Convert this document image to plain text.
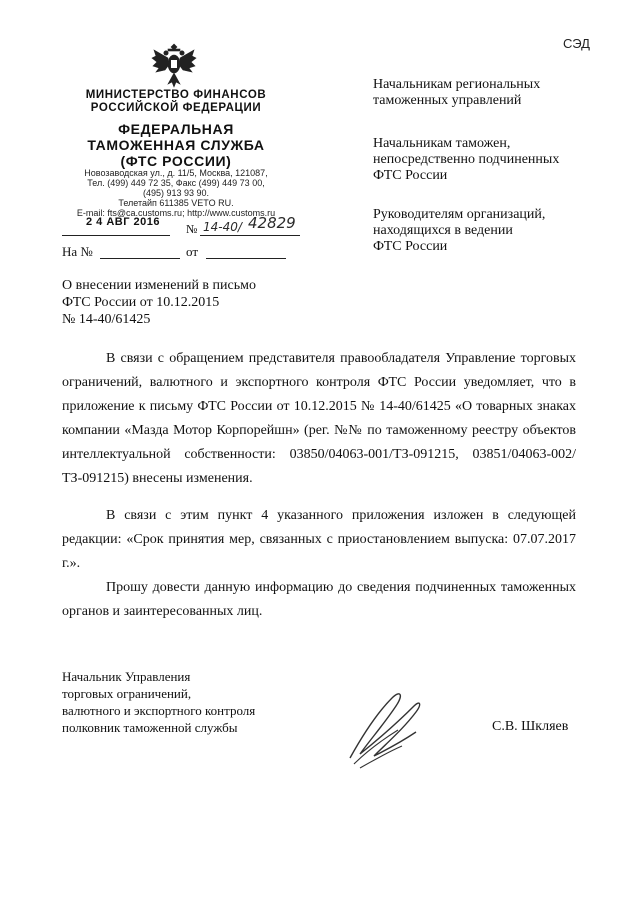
СЭД
МИНИСТЕРСТВО ФИНАНСОВ
РОССИЙСКОЙ ФЕДЕРАЦИИ
ФЕДЕРАЛЬНАЯ
ТАМОЖЕННАЯ СЛУЖБА
(ФТС РОССИИ)
Новозаводская ул., д. 11/5, Москва, 121087,
Тел. (499) 449 72 35, Факс (499) 449 73 00,
(495) 913 93 90.
Телетайп 611385 VETO RU.
E-mail: fts@ca.customs.ru; http://www.customs.ru
2 4 АВГ 2016 № 14-40/ 42829
На №	от

Начальникам региональных

таможенных управлений

Начальникам таможен,

непосредственно подчиненных

ФТС России

Руководителям организаций,

находящихся в ведении

ФТС России

О внесении изменений в письмо
ФТС России от 10.12.2015
№ 14-40/61425

В связи с обращением представителя правообладателя Управление торговых ограничений, валютного и экспортного контроля ФТС России уведомляет, что в приложение к письму ФТС России от 10.12.2015 № 14-40/61425 «О товарных знаках компании «Мазда Мотор Корпорейшн» (рег. №№ по таможенному реестру объектов интеллектуальной собственности: 03850/04063-001/ТЗ-091215, 03851/04063-002/ТЗ-091215) внесены изменения.

В связи с этим пункт 4 указанного приложения изложен в следующей редакции: «Срок принятия мер, связанных с приостановлением выпуска: 07.07.2017 г.».

Прошу довести данную информацию до сведения подчиненных таможенных органов и заинтересованных лиц.

Начальник Управления
торговых ограничений,
валютного и экспортного контроля
полковник таможенной службы	С.В. Шкляев
